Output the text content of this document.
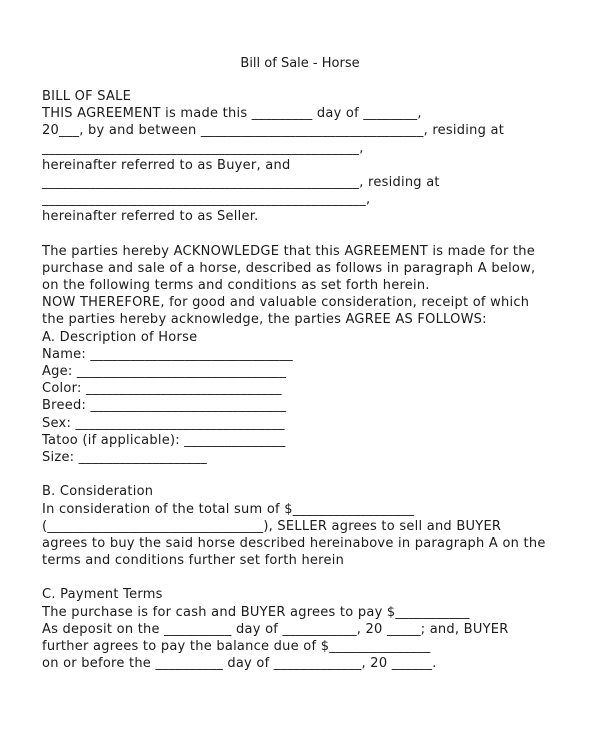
Bill of Sale - Horse
BILL OF SALE
THIS AGREEMENT is made this _________ day of ________,
20___, by and between _________________________________, residing at
_______________________________________________,
hereinafter referred to as Buyer, and
_______________________________________________, residing at
________________________________________________,
hereinafter referred to as Seller.
The parties hereby ACKNOWLEDGE that this AGREEMENT is made for the
purchase and sale of a horse, described as follows in paragraph A below,
on the following terms and conditions as set forth herein.
NOW THEREFORE, for good and valuable consideration, receipt of which
the parties hereby acknowledge, the parties AGREE AS FOLLOWS:
A. Description of Horse
Name: ______________________________
Age: _______________________________
Color: _____________________________
Breed: _____________________________
Sex: _______________________________
Tatoo (if applicable): _______________
Size: ___________________
B. Consideration
In consideration of the total sum of $__________________
(________________________________), SELLER agrees to sell and BUYER
agrees to buy the said horse described hereinabove in paragraph A on the
terms and conditions further set forth herein
C. Payment Terms
The purchase is for cash and BUYER agrees to pay $___________
As deposit on the __________ day of ___________, 20 _____; and, BUYER
further agrees to pay the balance due of $_______________
on or before the __________ day of _____________, 20 ______.
